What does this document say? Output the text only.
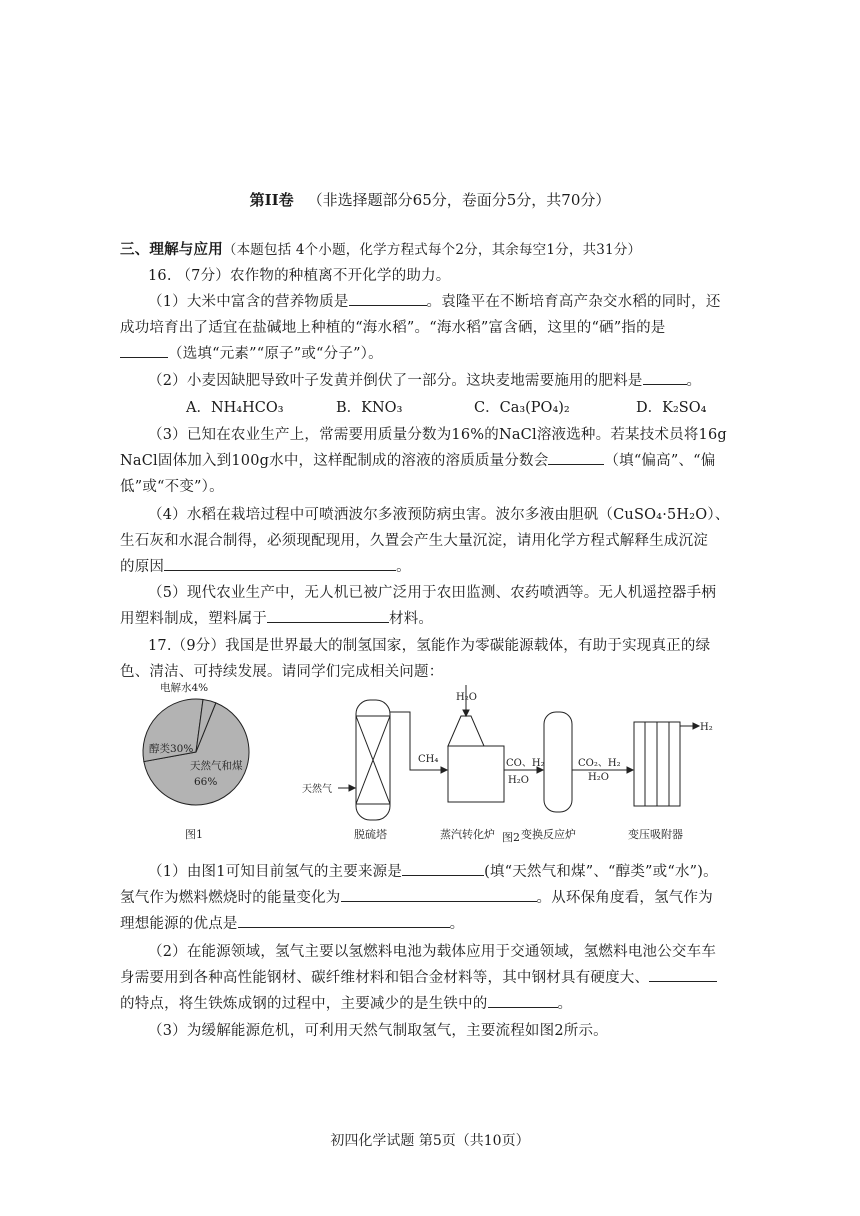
第II卷 （非选择题部分65分，卷面分5分，共70分）
三、理解与应用（本题包括 4个小题，化学方程式每个2分，其余每空1分，共31分）
16. （7分）农作物的种植离不开化学的助力。
（1）大米中富含的营养物质是	。袁隆平在不断培育高产杂交水稻的同时，还
成功培育出了适宜在盐碱地上种植的“海水稻”。“海水稻”富含硒，这里的“硒”指的是
（选填“元素”“原子”或“分子”）。
（2）小麦因缺肥导致叶子发黄并倒伏了一部分。这块麦地需要施用的肥料是	。
A．NH₄HCO₃	B．KNO₃	C．Ca₃(PO₄)₂	D．K₂SO₄
（3）已知在农业生产上，常需要用质量分数为16%的NaCl溶液选种。若某技术员将16g
NaCl固体加入到100g水中，这样配制成的溶液的溶质质量分数会	（填“偏高”、“偏
低”或“不变”）。
（4）水稻在栽培过程中可喷洒波尔多液预防病虫害。波尔多液由胆矾（CuSO₄·5H₂O）、
生石灰和水混合制得，必须现配现用，久置会产生大量沉淀，请用化学方程式解释生成沉淀
的原因	。
（5）现代农业生产中，无人机已被广泛用于农田监测、农药喷洒等。无人机遥控器手柄
用塑料制成，塑料属于	材料。
17.（9分）我国是世界最大的制氢国家，氢能作为零碳能源载体，有助于实现真正的绿
色、清洁、可持续发展。请同学们完成相关问题：
电解水4%
醇类30%
天然气和煤
66%
图1
H₂O
天然气
CH₄	CO、H₂
H₂O
CO₂、H₂
H₂O
H₂
脱硫塔	蒸汽转化炉 变换反应炉	变压吸附器
图2
（1）由图1可知目前氢气的主要来源是	(填“天然气和煤”、“醇类”或“水”)。
氢气作为燃料燃烧时的能量变化为	。从环保角度看，氢气作为
理想能源的优点是	。
（2）在能源领域，氢气主要以氢燃料电池为载体应用于交通领域，氢燃料电池公交车车
身需要用到各种高性能钢材、碳纤维材料和铝合金材料等，其中钢材具有硬度大、
的特点，将生铁炼成钢的过程中，主要减少的是生铁中的	。
（3）为缓解能源危机，可利用天然气制取氢气，主要流程如图2所示。
初四化学试题 第5页（共10页）
